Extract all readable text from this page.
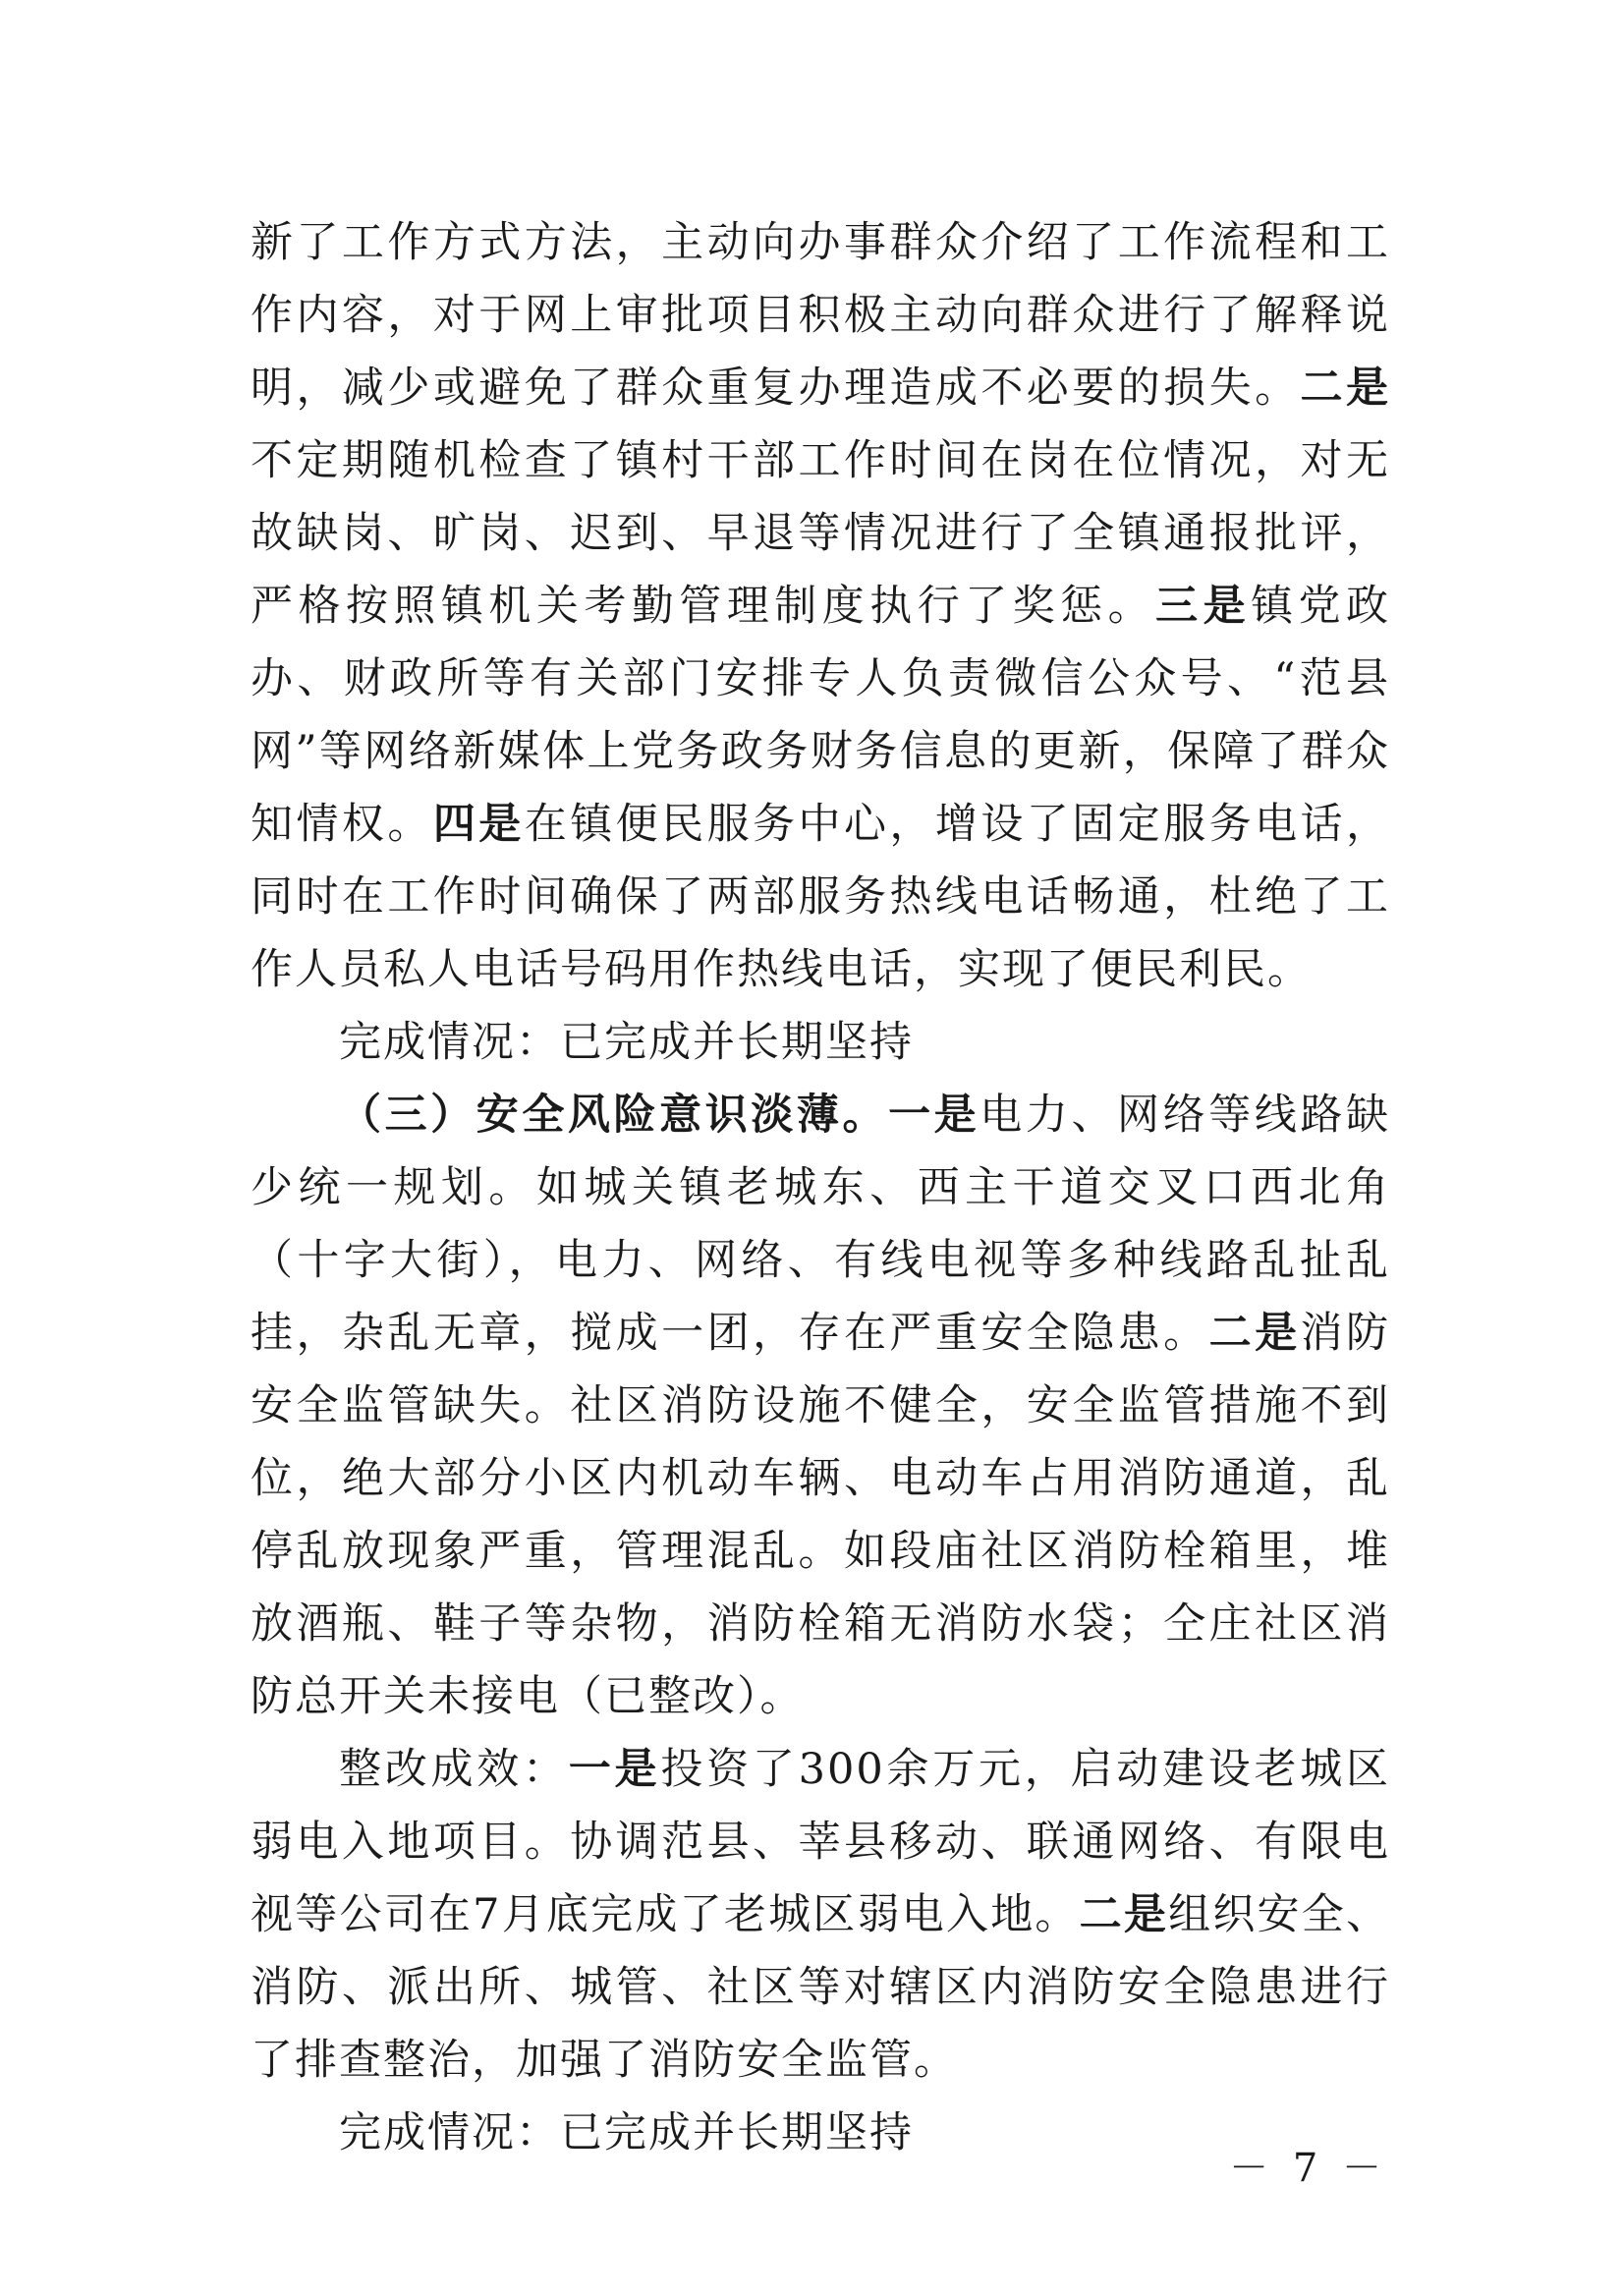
新了工作方式方法，主动向办事群众介绍了工作流程和工作内容，对于网上审批项目积极主动向群众进行了解释说明，减少或避免了群众重复办理造成不必要的损失。二是不定期随机检查了镇村干部工作时间在岗在位情况，对无故缺岗、旷岗、迟到、早退等情况进行了全镇通报批评，严格按照镇机关考勤管理制度执行了奖惩。三是镇党政办、财政所等有关部门安排专人负责微信公众号、“范县网”等网络新媒体上党务政务财务信息的更新，保障了群众知情权。四是在镇便民服务中心，增设了固定服务电话，同时在工作时间确保了两部服务热线电话畅通，杜绝了工作人员私人电话号码用作热线电话，实现了便民利民。

完成情况：已完成并长期坚持

（三）安全风险意识淡薄。一是电力、网络等线路缺少统一规划。如城关镇老城东、西主干道交叉口西北角（十字大街），电力、网络、有线电视等多种线路乱扯乱挂，杂乱无章，搅成一团，存在严重安全隐患。二是消防安全监管缺失。社区消防设施不健全，安全监管措施不到位，绝大部分小区内机动车辆、电动车占用消防通道，乱停乱放现象严重，管理混乱。如段庙社区消防栓箱里，堆放酒瓶、鞋子等杂物，消防栓箱无消防水袋；仝庄社区消防总开关未接电（已整改）。

整改成效：一是投资了300余万元，启动建设老城区弱电入地项目。协调范县、莘县移动、联通网络、有限电视等公司在7月底完成了老城区弱电入地。二是组织安全、消防、派出所、城管、社区等对辖区内消防安全隐患进行了排查整治，加强了消防安全监管。

完成情况：已完成并长期坚持

－ 7 －
